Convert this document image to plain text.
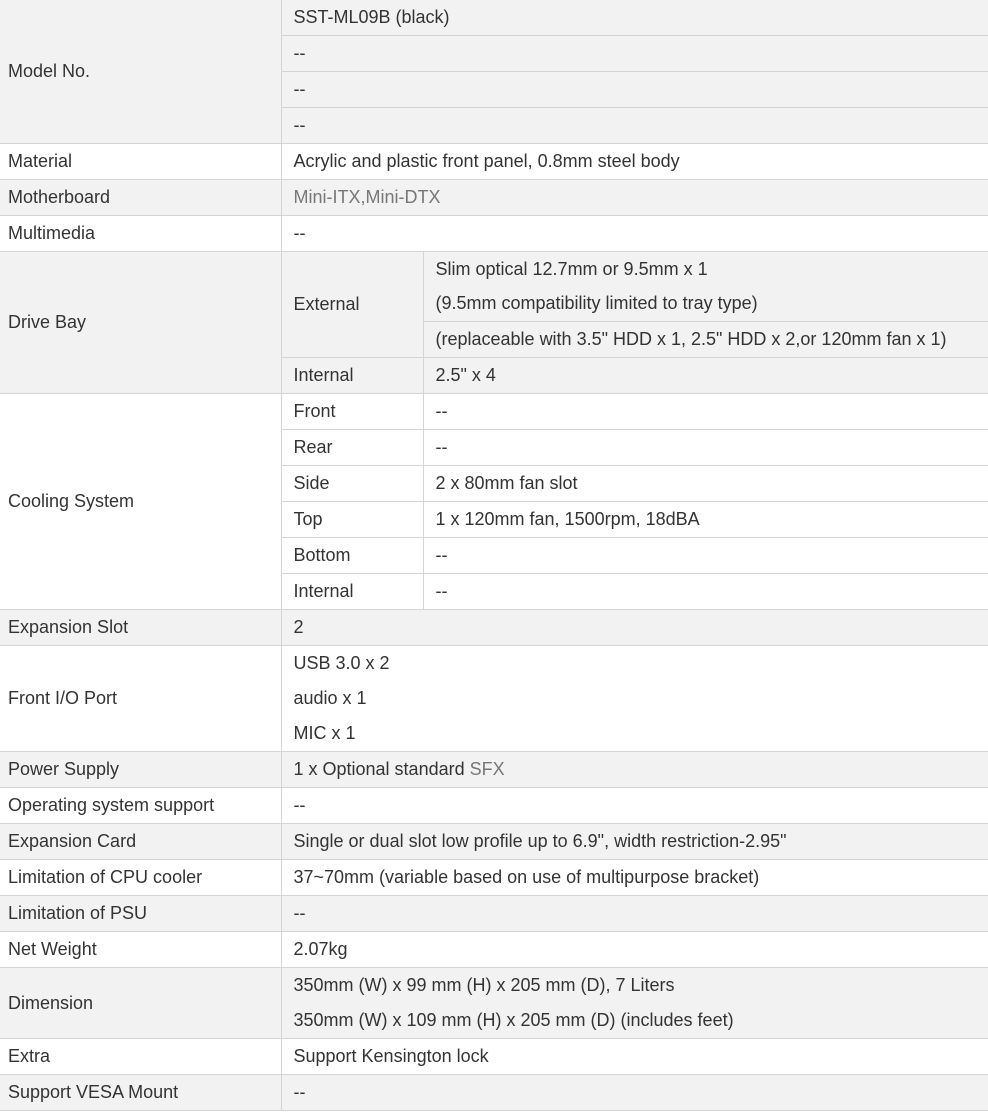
Model No.	SST-ML09B (black)	
	--	
	--	
	--	
Material	Acrylic and plastic front panel, 0.8mm steel body	
Motherboard	Mini-ITX,Mini-DTX	
Multimedia	--	
Drive Bay	External	Slim optical 12.7mm or 9.5mm x 1
		(9.5mm compatibility limited to tray type)
		(replaceable with 3.5" HDD x 1, 2.5" HDD x 2,or 120mm fan x 1)
	Internal	2.5" x 4
Cooling System	Front	--
	Rear	--
	Side	2 x 80mm fan slot
	Top	1 x 120mm fan, 1500rpm, 18dBA
	Bottom	--
	Internal	--
Expansion Slot	2	
Front I/O Port	USB 3.0 x 2
audio x 1
MIC x 1	

Power Supply	1 x Optional standard SFX	
Operating system support	--	
Expansion Card	Single or dual slot low profile up to 6.9", width restriction-2.95"	
Limitation of CPU cooler	37~70mm (variable based on use of multipurpose bracket)	
Limitation of PSU	--	
Net Weight	2.07kg	
Dimension	350mm (W) x 99 mm (H) x 205 mm (D), 7 Liters
350mm (W) x 109 mm (H) x 205 mm (D) (includes feet)	

Extra	Support Kensington lock	
Support VESA Mount	--	
